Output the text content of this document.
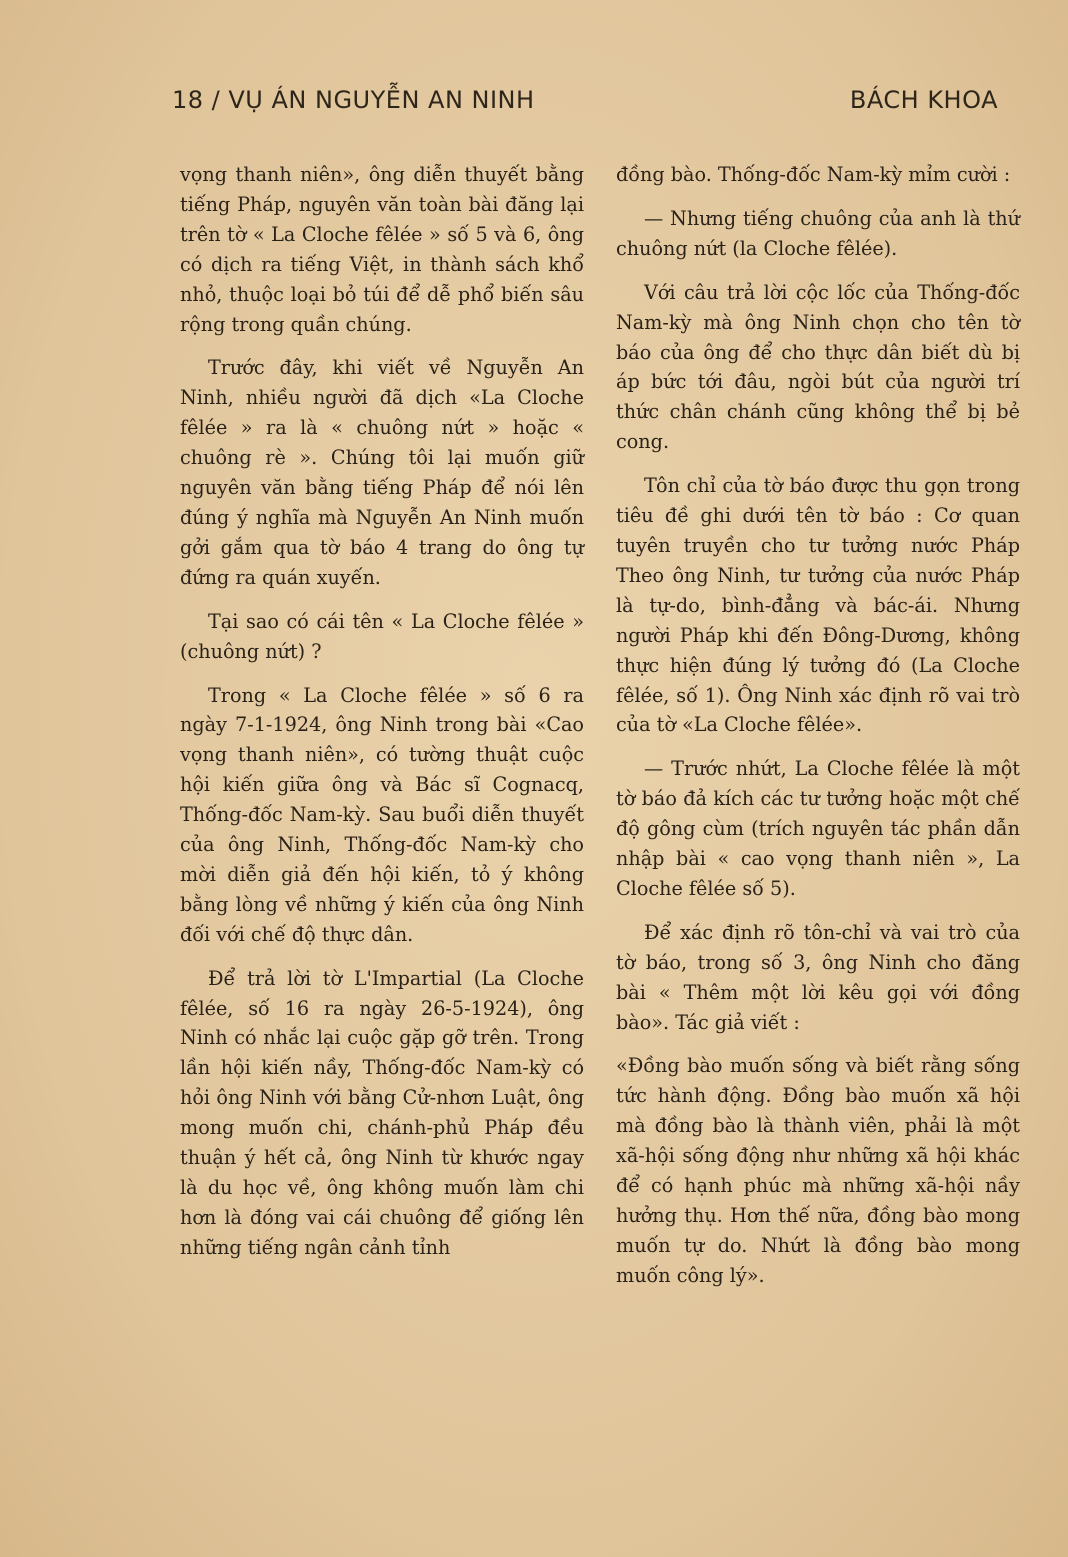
18 / VỤ ÁN NGUYỄN AN NINH	BÁCH KHOA

vọng thanh niên», ông diễn thuyết bằng tiếng Pháp, nguyên văn toàn bài đăng lại trên tờ « La Cloche fêlée » số 5 và 6, ông có dịch ra tiếng Việt, in thành sách khổ nhỏ, thuộc loại bỏ túi để dễ phổ biến sâu rộng trong quần chúng.

Trước đây, khi viết về Nguyễn An Ninh, nhiều người đã dịch «La Cloche fêlée » ra là « chuông nứt » hoặc « chuông rè ». Chúng tôi lại muốn giữ nguyên văn bằng tiếng Pháp để nói lên đúng ý nghĩa mà Nguyễn An Ninh muốn gởi gắm qua tờ báo 4 trang do ông tự đứng ra quán xuyến.

Tại sao có cái tên « La Cloche fêlée » (chuông nứt) ?

Trong « La Cloche fêlée » số 6 ra ngày 7-1-1924, ông Ninh trong bài «Cao vọng thanh niên», có tường thuật cuộc hội kiến giữa ông và Bác sĩ Cognacq, Thống-đốc Nam-kỳ. Sau buổi diễn thuyết của ông Ninh, Thống-đốc Nam-kỳ cho mời diễn giả đến hội kiến, tỏ ý không bằng lòng về những ý kiến của ông Ninh đối với chế độ thực dân.

Để trả lời tờ L'Impartial (La Cloche fêlée, số 16 ra ngày 26-5-1924), ông Ninh có nhắc lại cuộc gặp gỡ trên. Trong lần hội kiến nầy, Thống-đốc Nam-kỳ có hỏi ông Ninh với bằng Cử-nhơn Luật, ông mong muốn chi, chánh-phủ Pháp đều thuận ý hết cả, ông Ninh từ khước ngay là du học về, ông không muốn làm chi hơn là đóng vai cái chuông để giống lên những tiếng ngân cảnh tỉnh

đồng bào. Thống-đốc Nam-kỳ mỉm cười :

— Nhưng tiếng chuông của anh là thứ chuông nứt (la Cloche fêlée).

Với câu trả lời cộc lốc của Thống-đốc Nam-kỳ mà ông Ninh chọn cho tên tờ báo của ông để cho thực dân biết dù bị áp bức tới đâu, ngòi bút của người trí thức chân chánh cũng không thể bị bẻ cong.

Tôn chỉ của tờ báo được thu gọn trong tiêu đề ghi dưới tên tờ báo : Cơ quan tuyên truyền cho tư tưởng nước Pháp Theo ông Ninh, tư tưởng của nước Pháp là tự-do, bình-đẳng và bác-ái. Nhưng người Pháp khi đến Đông-Dương, không thực hiện đúng lý tưởng đó (La Cloche fêlée, số 1). Ông Ninh xác định rõ vai trò của tờ «La Cloche fêlée».

— Trước nhứt, La Cloche fêlée là một tờ báo đả kích các tư tưởng hoặc một chế độ gông cùm (trích nguyên tác phần dẫn nhập bài « cao vọng thanh niên », La Cloche fêlée số 5).

Để xác định rõ tôn-chỉ và vai trò của tờ báo, trong số 3, ông Ninh cho đăng bài « Thêm một lời kêu gọi với đồng bào». Tác giả viết :

«Đồng bào muốn sống và biết rằng sống tức hành động. Đồng bào muốn xã hội mà đồng bào là thành viên, phải là một xã-hội sống động như những xã hội khác để có hạnh phúc mà những xã-hội nầy hưởng thụ. Hơn thế nữa, đồng bào mong muốn tự do. Nhứt là đồng bào mong muốn công lý».
